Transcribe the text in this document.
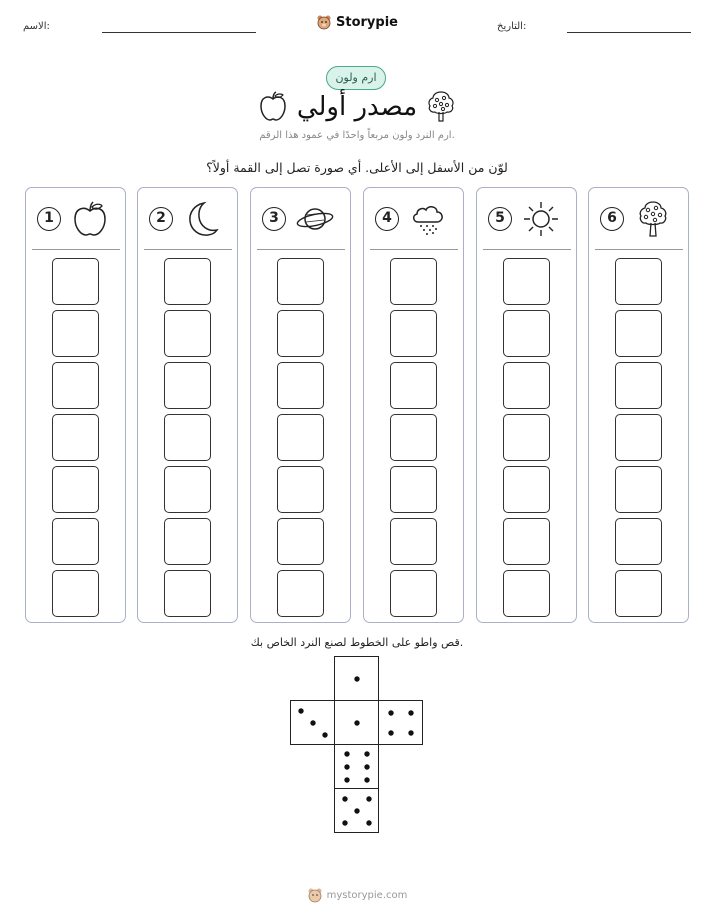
الاسم:	التاريخ:
Storypie
ارم ولون
مصدر أولي
ارم النرد ولون مربعاً واحدًا في عمود هذا الرقم.
لوّن من الأسفل إلى الأعلى. أي صورة تصل إلى القمة أولاً؟
1	2	3	4	5	6
قص واطو على الخطوط لصنع النرد الخاص بك.
mystorypie.com
